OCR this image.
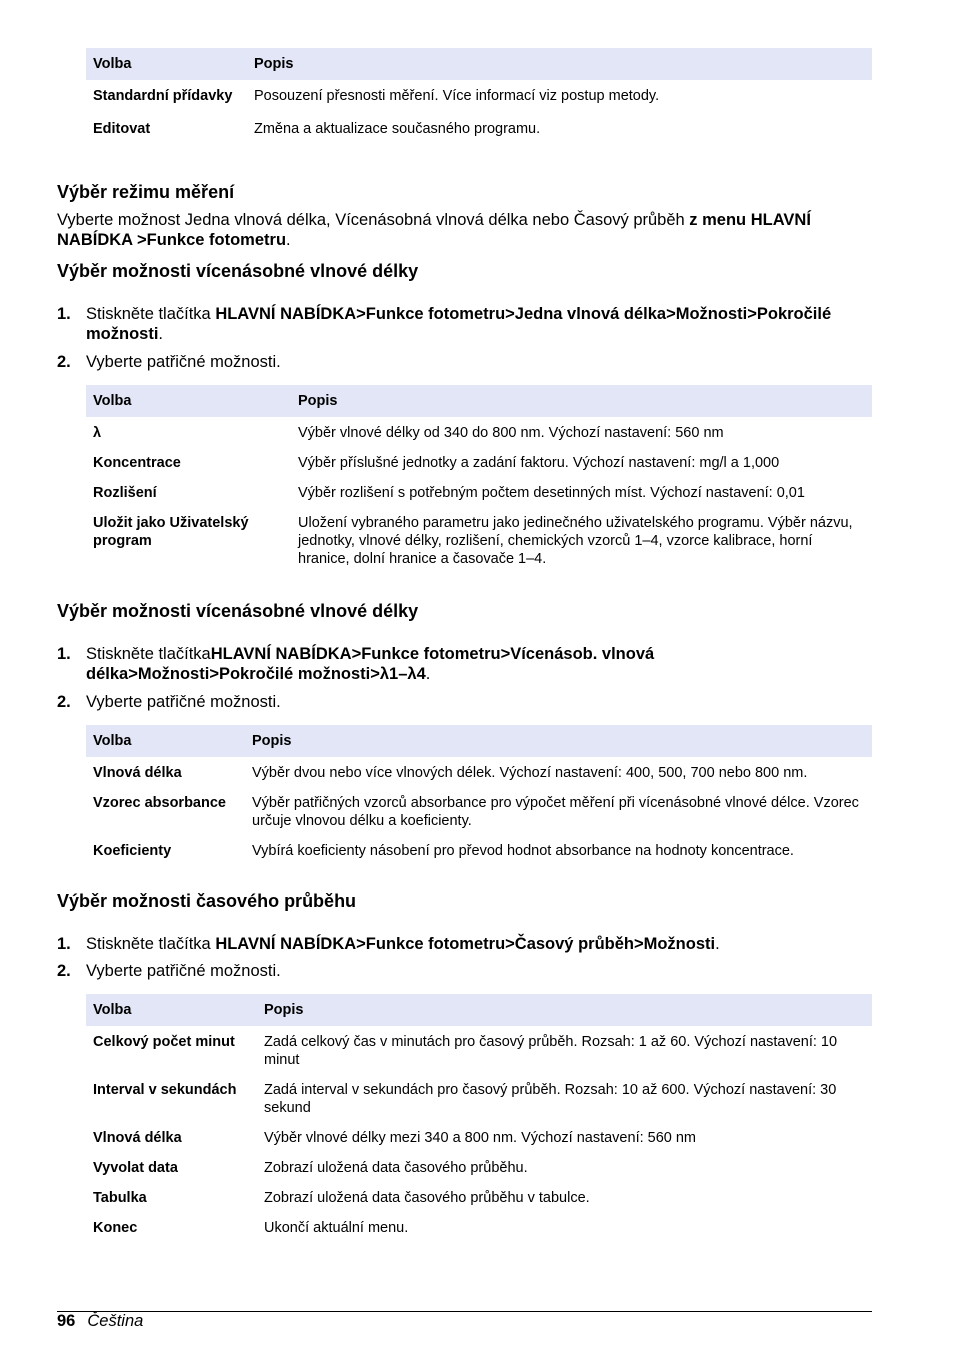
Volba	Popis
Standardní přídavky	Posouzení přesnosti měření. Více informací viz postup metody.
Editovat	Změna a aktualizace současného programu.
Výběr režimu měření

Vyberte možnost Jedna vlnová délka, Vícenásobná vlnová délka nebo Časový průběh z menu HLAVNÍ NABÍDKA >Funkce fotometru.

Výběr možnosti vícenásobné vlnové délky
1. Stiskněte tlačítka HLAVNÍ NABÍDKA>Funkce fotometru>Jedna vlnová délka>Možnosti>Pokročilé možnosti.
2. Vyberte patřičné možnosti.
Volba	Popis
λ	Výběr vlnové délky od 340 do 800 nm. Výchozí nastavení: 560 nm
Koncentrace	Výběr příslušné jednotky a zadání faktoru. Výchozí nastavení: mg/l a 1,000
Rozlišení	Výběr rozlišení s potřebným počtem desetinných míst. Výchozí nastavení: 0,01
Uložit jako Uživatelský program	Uložení vybraného parametru jako jedinečného uživatelského programu. Výběr názvu, jednotky, vlnové délky, rozlišení, chemických vzorců 1–4, vzorce kalibrace, horní hranice, dolní hranice a časovače 1–4.
Výběr možnosti vícenásobné vlnové délky
1. Stiskněte tlačítkaHLAVNÍ NABÍDKA>Funkce fotometru>Vícenásob. vlnová délka>Možnosti>Pokročilé možnosti>λ1–λ4.
2. Vyberte patřičné možnosti.
Volba	Popis
Vlnová délka	Výběr dvou nebo více vlnových délek. Výchozí nastavení: 400, 500, 700 nebo 800 nm.
Vzorec absorbance	Výběr patřičných vzorců absorbance pro výpočet měření při vícenásobné vlnové délce. Vzorec určuje vlnovou délku a koeficienty.
Koeficienty	Vybírá koeficienty násobení pro převod hodnot absorbance na hodnoty koncentrace.
Výběr možnosti časového průběhu
1. Stiskněte tlačítka HLAVNÍ NABÍDKA>Funkce fotometru>Časový průběh>Možnosti.
2. Vyberte patřičné možnosti.
Volba	Popis
Celkový počet minut	Zadá celkový čas v minutách pro časový průběh. Rozsah: 1 až 60. Výchozí nastavení: 10 minut
Interval v sekundách	Zadá interval v sekundách pro časový průběh. Rozsah: 10 až 600. Výchozí nastavení: 30 sekund
Vlnová délka	Výběr vlnové délky mezi 340 a 800 nm. Výchozí nastavení: 560 nm
Vyvolat data	Zobrazí uložená data časového průběhu.
Tabulka	Zobrazí uložená data časového průběhu v tabulce.
Konec	Ukončí aktuální menu.
96 Čeština
